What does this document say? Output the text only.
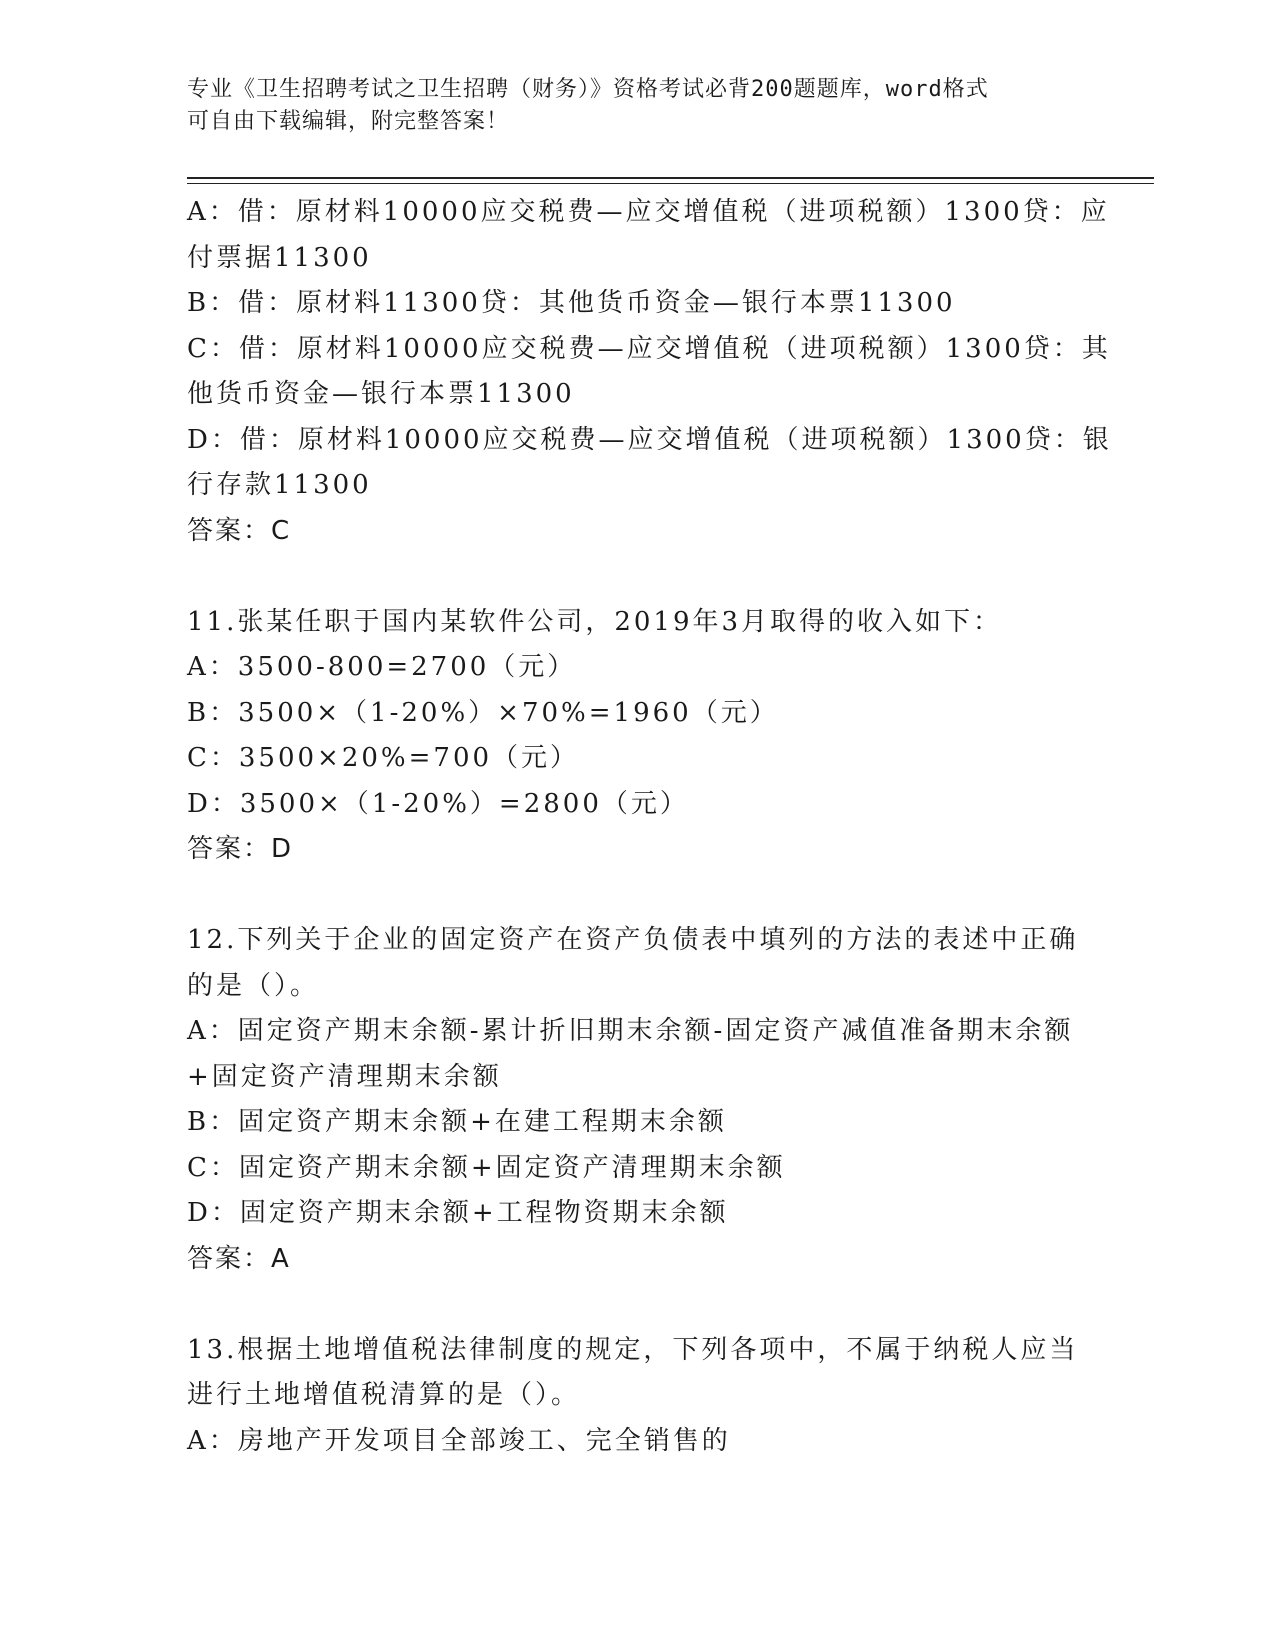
专业《卫生招聘考试之卫生招聘（财务）》资格考试必背200题题库，word格式
可自由下载编辑，附完整答案！

A：借：原材料10000应交税费—应交增值税（进项税额）1300贷：应

付票据11300

B：借：原材料11300贷：其他货币资金—银行本票11300

C：借：原材料10000应交税费—应交增值税（进项税额）1300贷：其

他货币资金—银行本票11300

D：借：原材料10000应交税费—应交增值税（进项税额）1300贷：银

行存款11300

答案：C

11.张某任职于国内某软件公司，2019年3月取得的收入如下：

A：3500-800=2700（元）

B：3500×（1-20%）×70%=1960（元）

C：3500×20%=700（元）

D：3500×（1-20%）=2800（元）

答案：D

12.下列关于企业的固定资产在资产负债表中填列的方法的表述中正确

的是（）。

A：固定资产期末余额-累计折旧期末余额-固定资产减值准备期末余额

+固定资产清理期末余额

B：固定资产期末余额+在建工程期末余额

C：固定资产期末余额+固定资产清理期末余额

D：固定资产期末余额+工程物资期末余额

答案：A

13.根据土地增值税法律制度的规定，下列各项中，不属于纳税人应当

进行土地增值税清算的是（）。

A：房地产开发项目全部竣工、完全销售的
